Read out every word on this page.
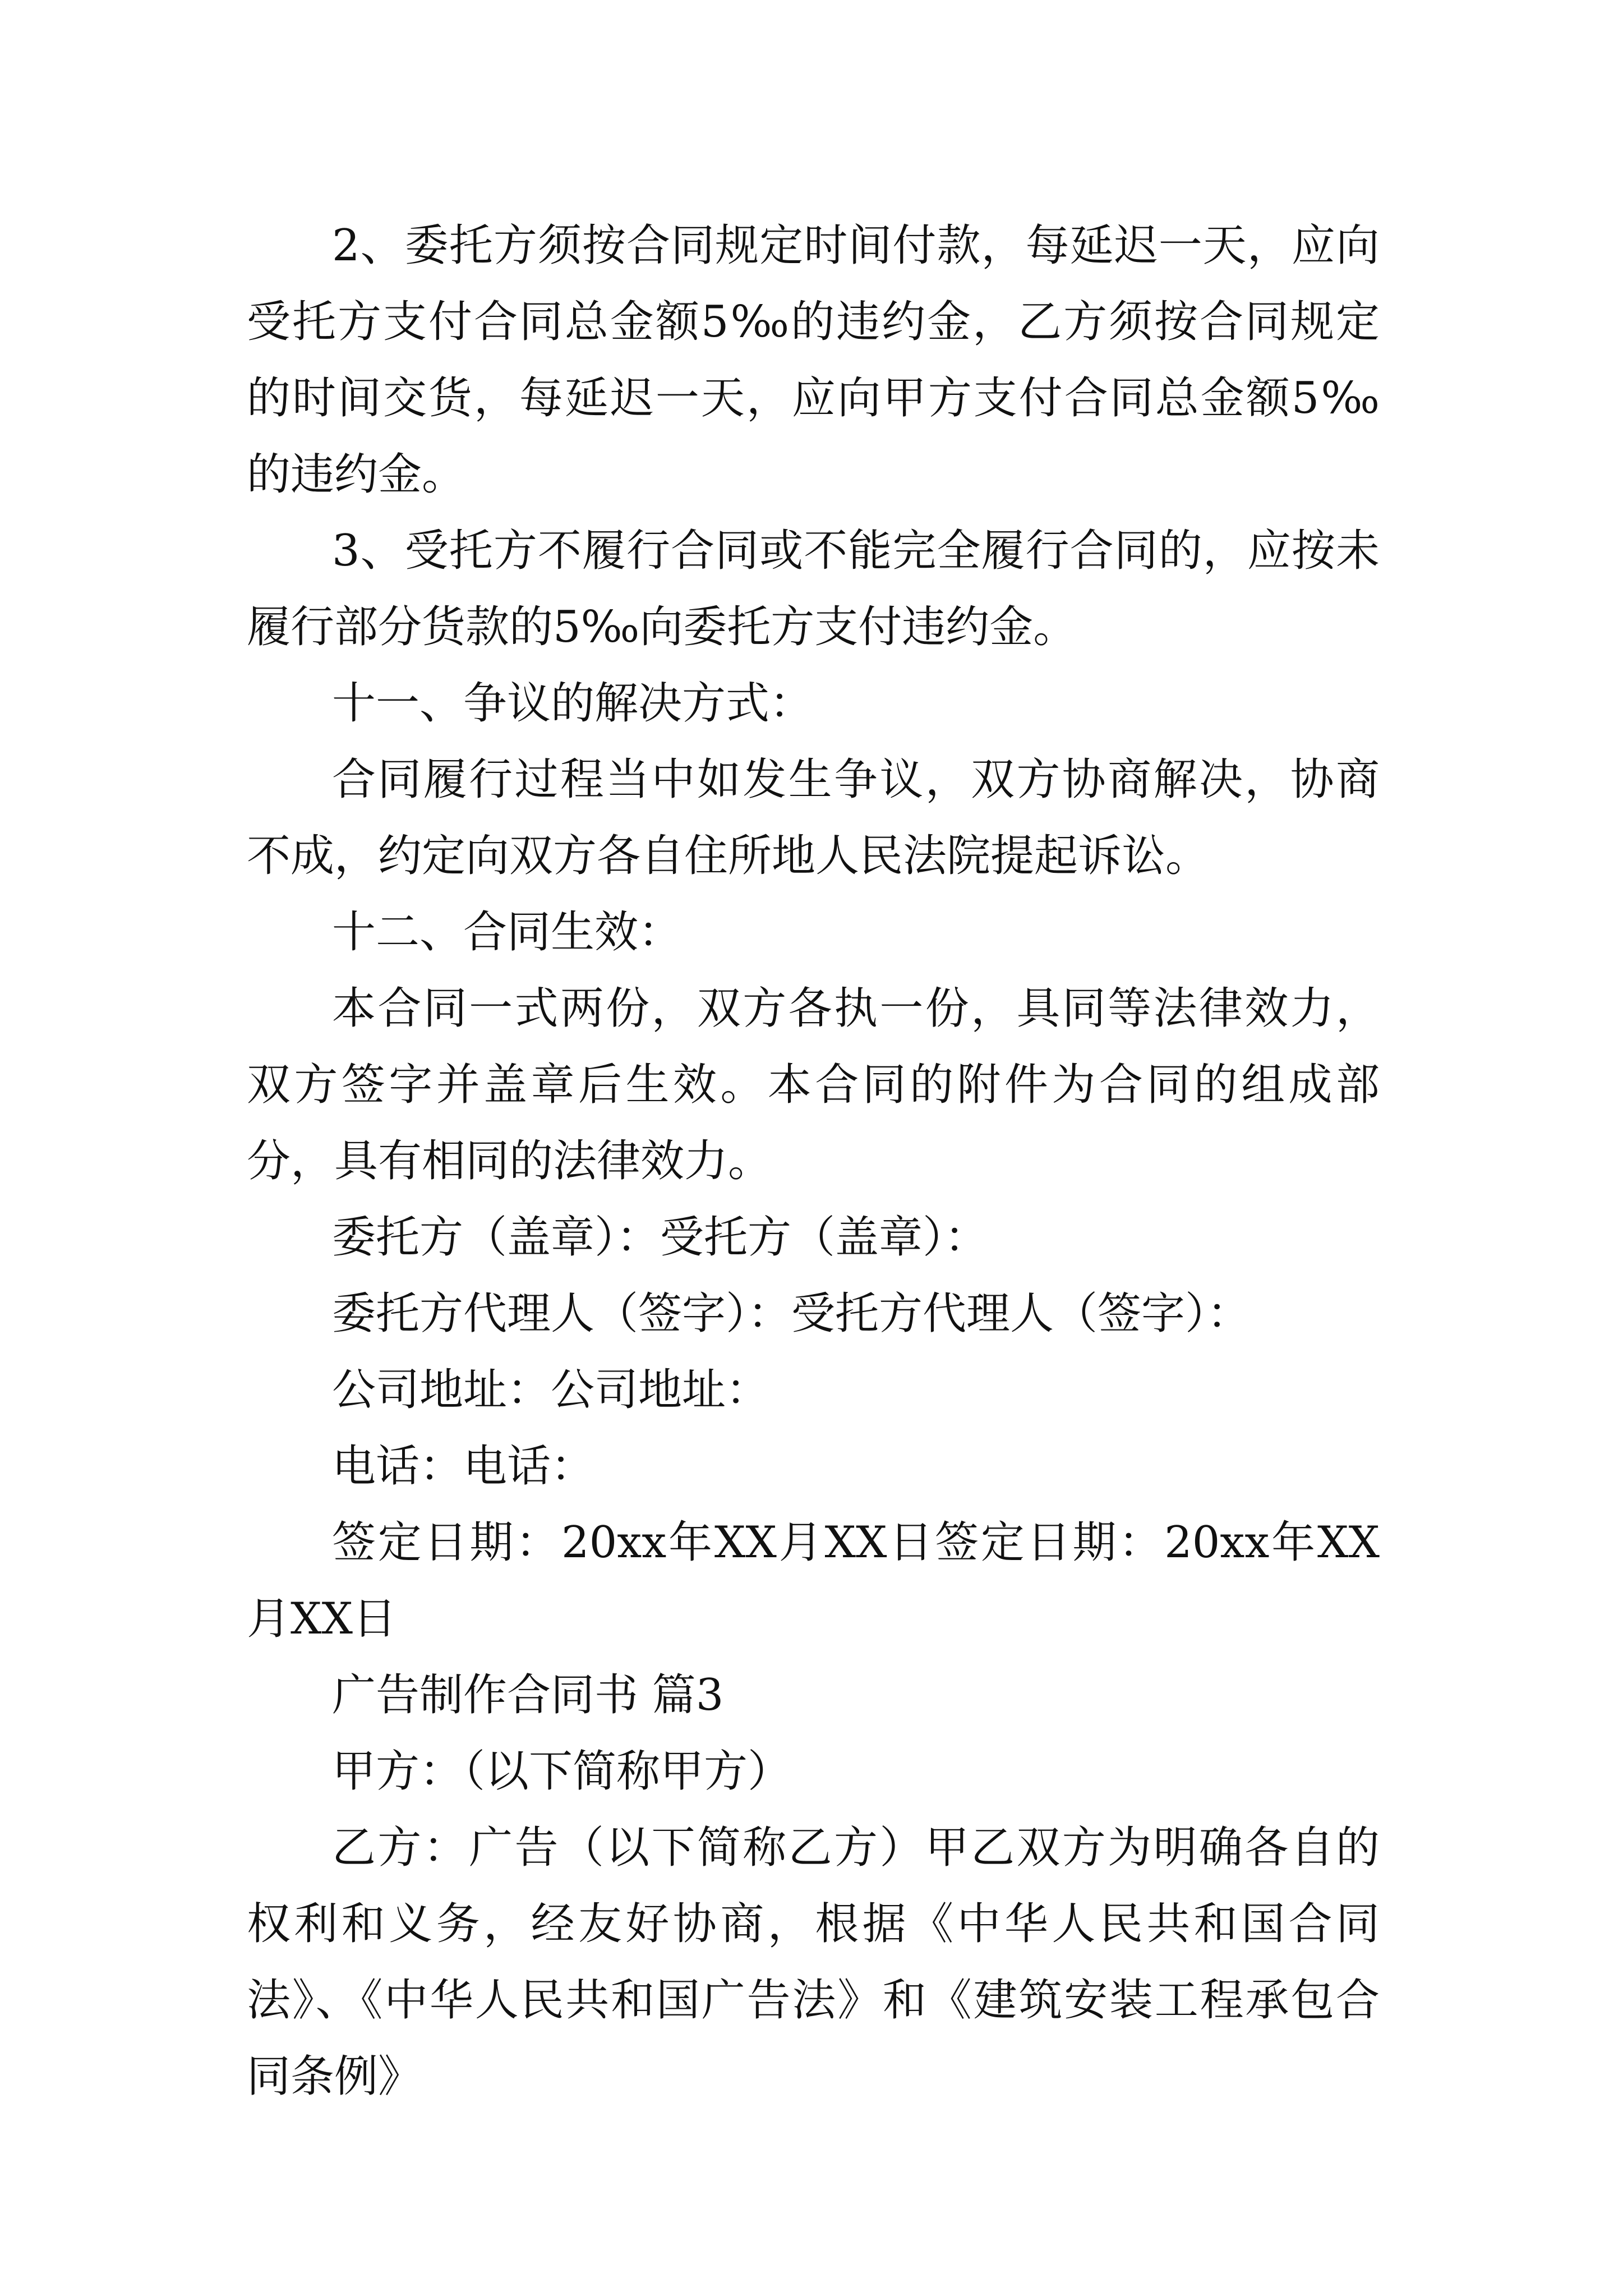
2、委托方须按合同规定时间付款，每延迟一天，应向受托方支付合同总金额5‰的违约金，乙方须按合同规定的时间交货，每延迟一天，应向甲方支付合同总金额5‰的违约金。

3、受托方不履行合同或不能完全履行合同的，应按未履行部分货款的5‰向委托方支付违约金。

十一、争议的解决方式：

合同履行过程当中如发生争议，双方协商解决，协商不成，约定向双方各自住所地人民法院提起诉讼。

十二、合同生效：

本合同一式两份，双方各执一份，具同等法律效力，双方签字并盖章后生效。本合同的附件为合同的组成部分，具有相同的法律效力。

委托方（盖章）：受托方（盖章）：

委托方代理人（签字）：受托方代理人（签字）：

公司地址：公司地址：

电话：电话：

签定日期：20xx年XX月XX日签定日期：20xx年XX月XX日

广告制作合同书 篇3

甲方：（以下简称甲方）

乙方：广告（以下简称乙方）甲乙双方为明确各自的权利和义务，经友好协商，根据《中华人民共和国合同法》、《中华人民共和国广告法》和《建筑安装工程承包合同条例》
